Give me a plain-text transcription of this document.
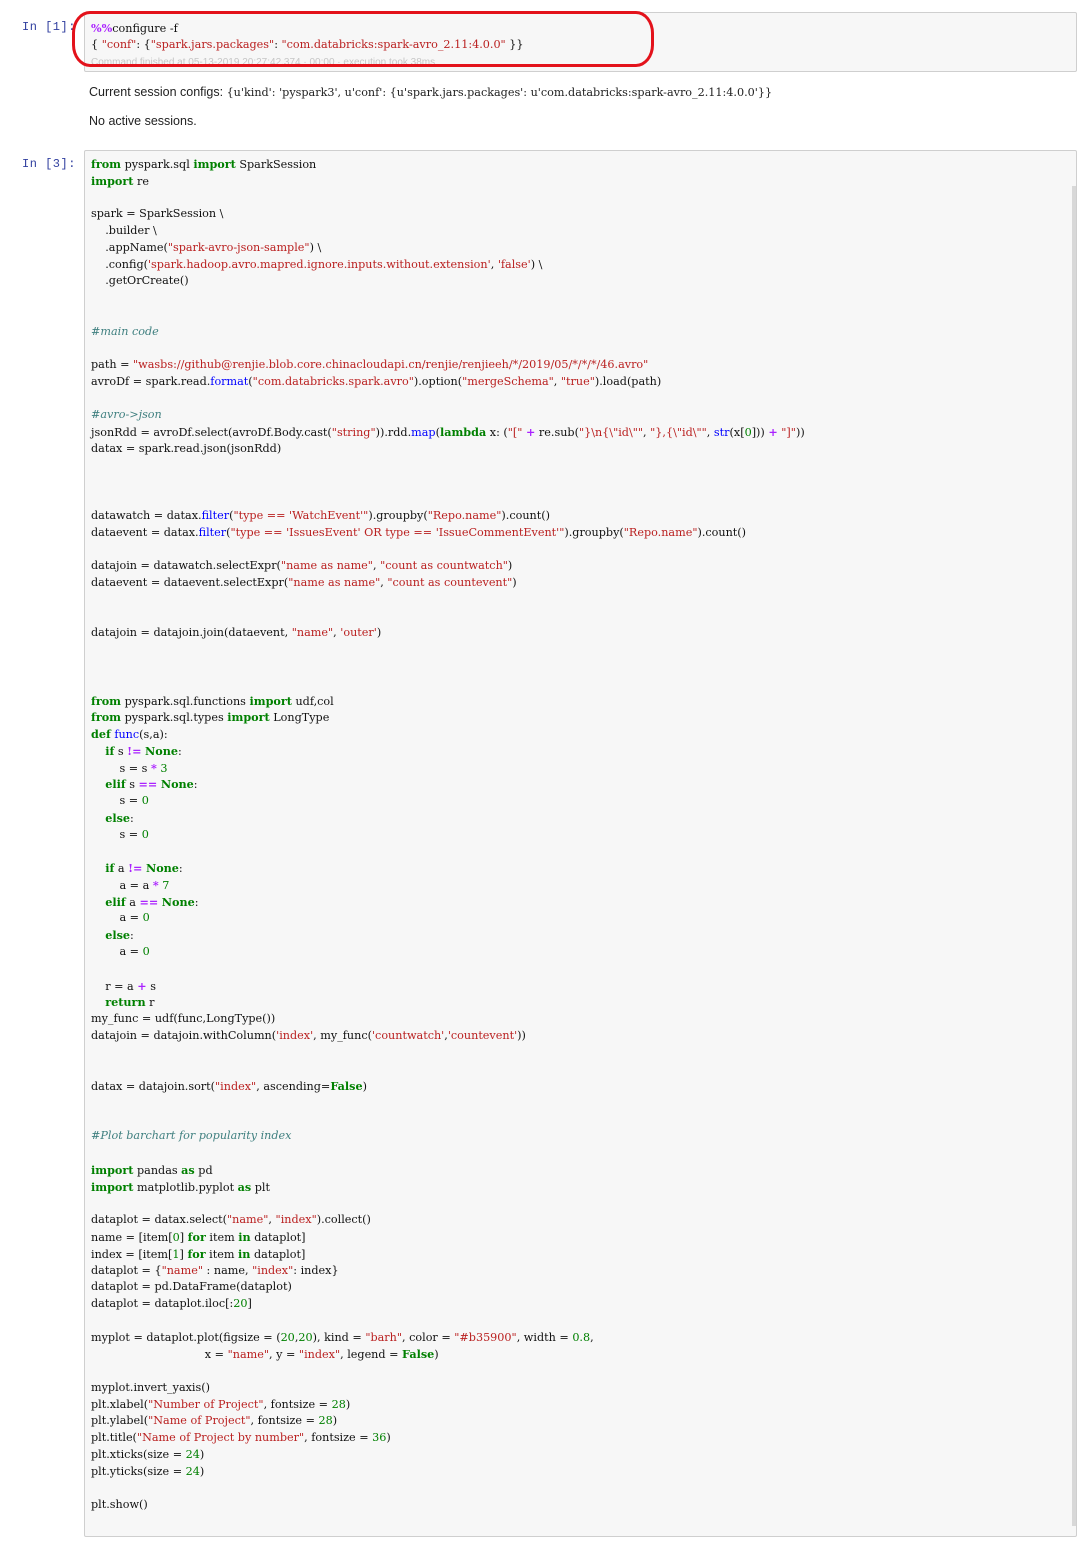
In [1]: %%configure -f
{ "conf": {"spark.jars.packages": "com.databricks:spark-avro_2.11:4.0.0" }}
Command finished at 05-13-2019 20:27:42.374 · 00:00 · execution took 38ms
Current session configs: {u'kind': 'pyspark3', u'conf': {u'spark.jars.packages': u'com.databricks:spark-avro_2.11:4.0.0'}}
No active sessions.
In [3]: from pyspark.sql import SparkSession
import re
spark = SparkSession \
.builder \
.appName("spark-avro-json-sample") \
.config('spark.hadoop.avro.mapred.ignore.inputs.without.extension', 'false') \
.getOrCreate()
#main code
path = "wasbs://github@renjie.blob.core.chinacloudapi.cn/renjie/renjieeh/*/2019/05/*/*/*/46.avro"
avroDf = spark.read.format("com.databricks.spark.avro").option("mergeSchema", "true").load(path)
#avro->json
jsonRdd = avroDf.select(avroDf.Body.cast("string")).rdd.map(lambda x: ("[" + re.sub("}\n{\"id\"", "},{\"id\"", str(x[0])) + "]"))
datax = spark.read.json(jsonRdd)
datawatch = datax.filter("type == 'WatchEvent'").groupby("Repo.name").count()
dataevent = datax.filter("type == 'IssuesEvent' OR type == 'IssueCommentEvent'").groupby("Repo.name").count()
datajoin = datawatch.selectExpr("name as name", "count as countwatch")
dataevent = dataevent.selectExpr("name as name", "count as countevent")
datajoin = datajoin.join(dataevent, "name", 'outer')
from pyspark.sql.functions import udf,col
from pyspark.sql.types import LongType
def func(s,a):
if s != None:
s = s * 3
elif s == None:
s = 0
else:
s = 0
if a != None:
a = a * 7
elif a == None:
a = 0
else:
a = 0
r = a + s
return r
my_func = udf(func,LongType())
datajoin = datajoin.withColumn('index', my_func('countwatch','countevent'))
datax = datajoin.sort("index", ascending=False)
#Plot barchart for popularity index
import pandas as pd
import matplotlib.pyplot as plt
dataplot = datax.select("name", "index").collect()
name = [item[0] for item in dataplot]
index = [item[1] for item in dataplot]
dataplot = {"name" : name, "index": index}
dataplot = pd.DataFrame(dataplot)
dataplot = dataplot.iloc[:20]
myplot = dataplot.plot(figsize = (20,20), kind = "barh", color = "#b35900", width = 0.8,
x = "name", y = "index", legend = False)
myplot.invert_yaxis()
plt.xlabel("Number of Project", fontsize = 28)
plt.ylabel("Name of Project", fontsize = 28)
plt.title("Name of Project by number", fontsize = 36)
plt.xticks(size = 24)
plt.yticks(size = 24)
plt.show()
